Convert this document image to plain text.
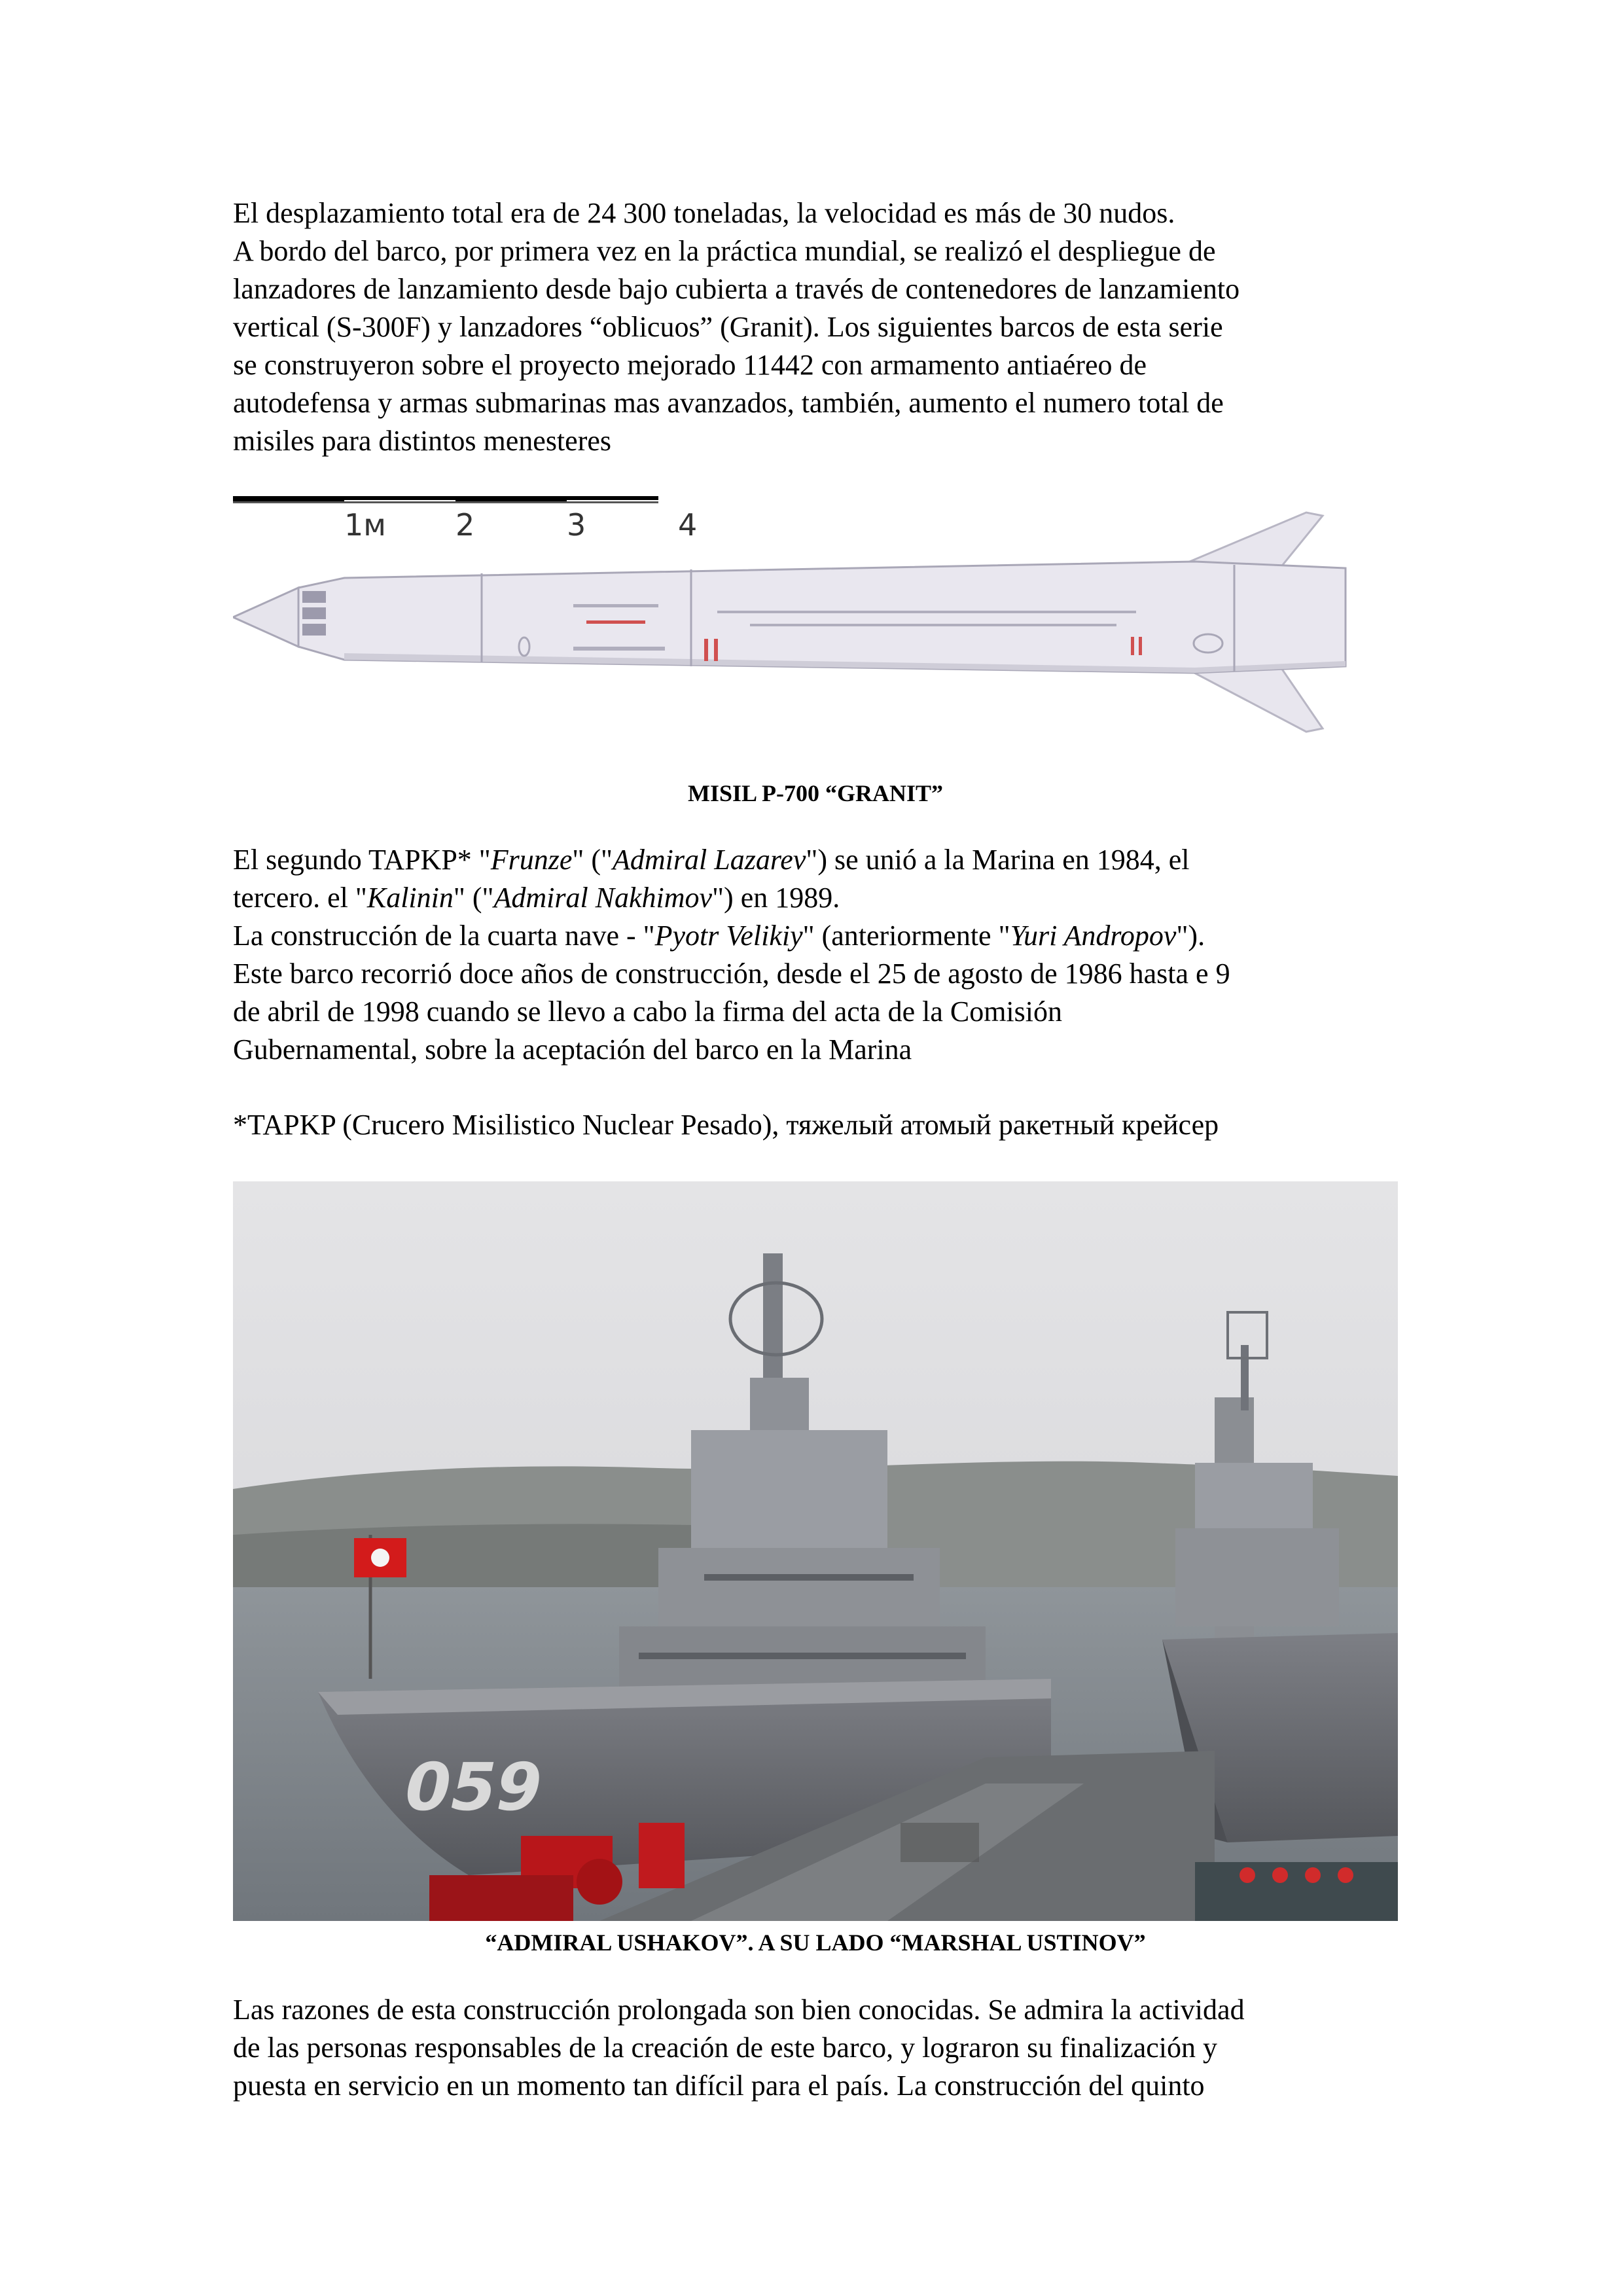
El desplazamiento total era de 24 300 toneladas, la velocidad es más de 30 nudos.
A bordo del barco, por primera vez en la práctica mundial, se realizó el despliegue de
lanzadores de lanzamiento desde bajo cubierta a través de contenedores de lanzamiento
vertical (S-300F) y lanzadores “oblicuos” (Granit). Los siguientes barcos de esta serie
se construyeron sobre el proyecto mejorado 11442 con armamento antiaéreo de
autodefensa y armas submarinas mas avanzados, también, aumento el numero total de
misiles para distintos menesteres
1м 2	3	4
MISIL P-700 “GRANIT”
El segundo TAPKP* "Frunze" ("Admiral Lazarev") se unió a la Marina en 1984, el
tercero. el "Kalinin" ("Admiral Nakhimov") en 1989.
La construcción de la cuarta nave - "Pyotr Velikiy" (anteriormente "Yuri Andropov").
Este barco recorrió doce años de construcción, desde el 25 de agosto de 1986 hasta e 9
de abril de 1998 cuando se llevo a cabo la firma del acta de la Comisión
Gubernamental, sobre la aceptación del barco en la Marina
*TAPKP (Crucero Misilistico Nuclear Pesado), тяжелый атомый ракетный крейсер
059
“ADMIRAL USHAKOV”. A SU LADO “MARSHAL USTINOV”
Las razones de esta construcción prolongada son bien conocidas. Se admira la actividad
de las personas responsables de la creación de este barco, y lograron su finalización y
puesta en servicio en un momento tan difícil para el país. La construcción del quinto
